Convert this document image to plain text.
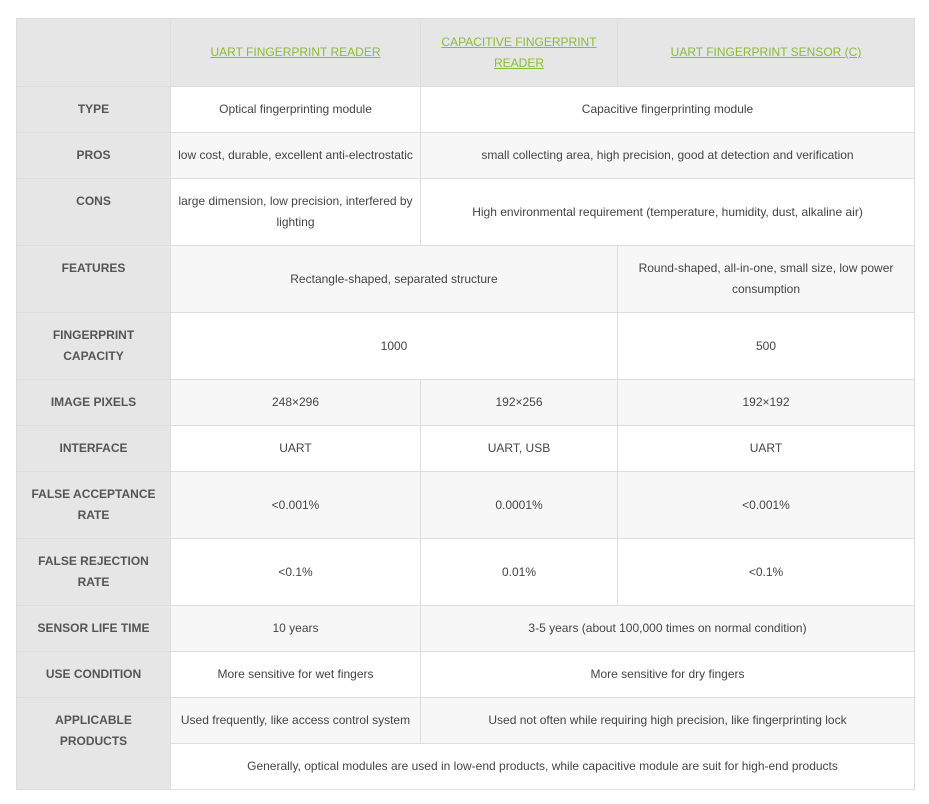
	UART FINGERPRINT READER	CAPACITIVE FINGERPRINT READER	UART FINGERPRINT SENSOR (C)
TYPE	Optical fingerprinting module	Capacitive fingerprinting module	
PROS	low cost, durable, excellent anti-electrostatic	small collecting area, high precision, good at detection and verification	
CONS	large dimension, low precision, interfered by lighting	High environmental requirement (temperature, humidity, dust, alkaline air)	
FEATURES	Rectangle-shaped, separated structure		Round-shaped, all-in-one, small size, low power consumption
FINGERPRINT CAPACITY	1000		500
IMAGE PIXELS	248×296	192×256	192×192
INTERFACE	UART	UART, USB	UART
FALSE ACCEPTANCE RATE	<0.001%	0.0001%	<0.001%
FALSE REJECTION RATE	<0.1%	0.01%	<0.1%
SENSOR LIFE TIME	10 years	3-5 years (about 100,000 times on normal condition)	
USE CONDITION	More sensitive for wet fingers	More sensitive for dry fingers	
APPLICABLE PRODUCTS	Used frequently, like access control system	Used not often while requiring high precision, like fingerprinting lock	
	Generally, optical modules are used in low-end products, while capacitive module are suit for high-end products		
